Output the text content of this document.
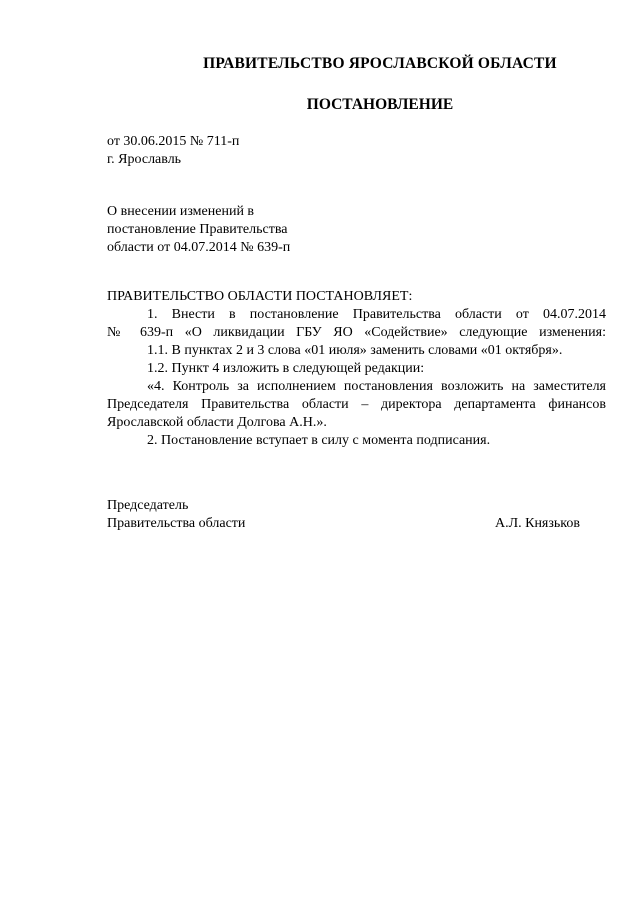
ПРАВИТЕЛЬСТВО ЯРОСЛАВСКОЙ ОБЛАСТИ
ПОСТАНОВЛЕНИЕ
от 30.06.2015 № 711-п
г. Ярославль
О внесении изменений в
постановление Правительства
области от 04.07.2014 № 639-п
ПРАВИТЕЛЬСТВО ОБЛАСТИ ПОСТАНОВЛЯЕТ:
1. Внести в постановление Правительства области от 04.07.2014
№ 639-п «О ликвидации ГБУ ЯО «Содействие» следующие изменения:
1.1. В пунктах 2 и 3 слова «01 июля» заменить словами «01 октября».
1.2. Пункт 4 изложить в следующей редакции:
«4. Контроль за исполнением постановления возложить на заместителя
Председателя Правительства области – директора департамента финансов
Ярославской области Долгова А.Н.».
2. Постановление вступает в силу с момента подписания.
Председатель
Правительства области	А.Л. Князьков
